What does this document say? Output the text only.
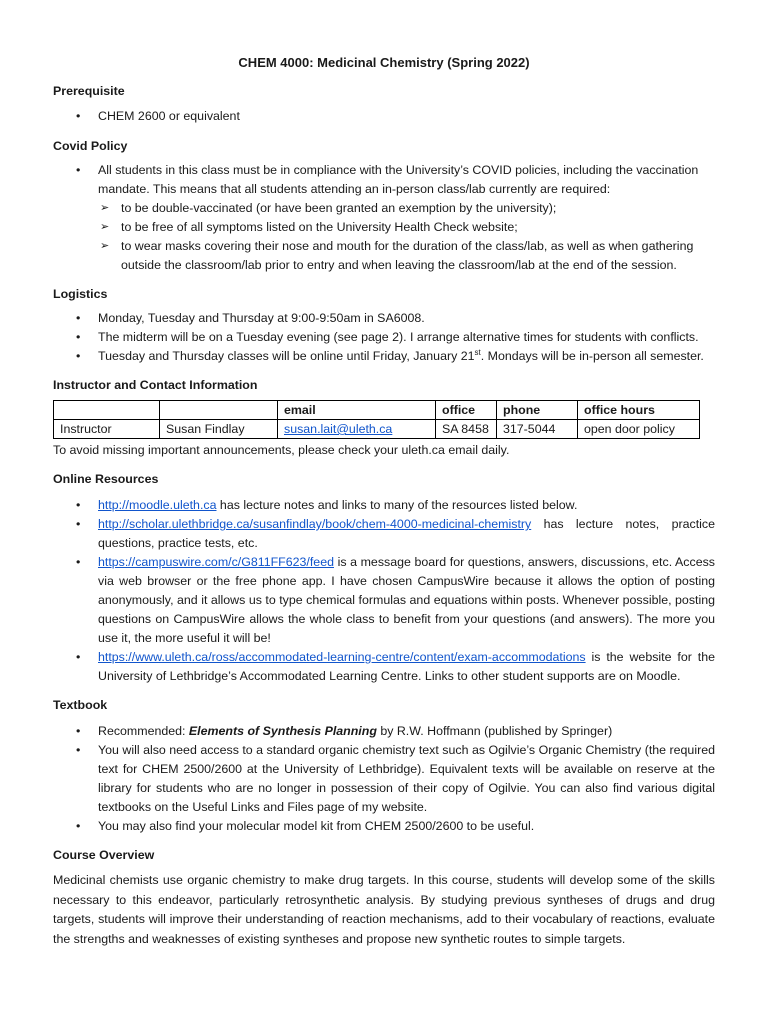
CHEM 4000: Medicinal Chemistry (Spring 2022)
Prerequisite
• CHEM 2600 or equivalent
Covid Policy
• All students in this class must be in compliance with the University’s COVID policies, including the vaccination mandate. This means that all students attending an in-person class/lab currently are required:
➢ to be double-vaccinated (or have been granted an exemption by the university);
➢ to be free of all symptoms listed on the University Health Check website;
➢ to wear masks covering their nose and mouth for the duration of the class/lab, as well as when gathering outside the classroom/lab prior to entry and when leaving the classroom/lab at the end of the session.
Logistics
• Monday, Tuesday and Thursday at 9:00-9:50am in SA6008.
• The midterm will be on a Tuesday evening (see page 2). I arrange alternative times for students with conflicts.
• Tuesday and Thursday classes will be online until Friday, January 21st. Mondays will be in-person all semester.
Instructor and Contact Information
		email	office	phone	office hours
Instructor	Susan Findlay	susan.lait@uleth.ca	SA 8458	317-5044	open door policy
To avoid missing important announcements, please check your uleth.ca email daily.
Online Resources
• http://moodle.uleth.ca has lecture notes and links to many of the resources listed below.
• http://scholar.ulethbridge.ca/susanfindlay/book/chem-4000-medicinal-chemistry has lecture notes, practice questions, practice tests, etc.
• https://campuswire.com/c/G811FF623/feed is a message board for questions, answers, discussions, etc. Access via web browser or the free phone app. I have chosen CampusWire because it allows the option of posting anonymously, and it allows us to type chemical formulas and equations within posts. Whenever possible, posting questions on CampusWire allows the whole class to benefit from your questions (and answers). The more you use it, the more useful it will be!
• https://www.uleth.ca/ross/accommodated-learning-centre/content/exam-accommodations is the website for the University of Lethbridge’s Accommodated Learning Centre. Links to other student supports are on Moodle.
Textbook
• Recommended: Elements of Synthesis Planning by R.W. Hoffmann (published by Springer)
• You will also need access to a standard organic chemistry text such as Ogilvie’s Organic Chemistry (the required text for CHEM 2500/2600 at the University of Lethbridge). Equivalent texts will be available on reserve at the library for students who are no longer in possession of their copy of Ogilvie. You can also find various digital textbooks on the Useful Links and Files page of my website.
• You may also find your molecular model kit from CHEM 2500/2600 to be useful.
Course Overview

Medicinal chemists use organic chemistry to make drug targets. In this course, students will develop some of the skills necessary to this endeavor, particularly retrosynthetic analysis. By studying previous syntheses of drugs and drug targets, students will improve their understanding of reaction mechanisms, add to their vocabulary of reactions, evaluate the strengths and weaknesses of existing syntheses and propose new synthetic routes to simple targets.
